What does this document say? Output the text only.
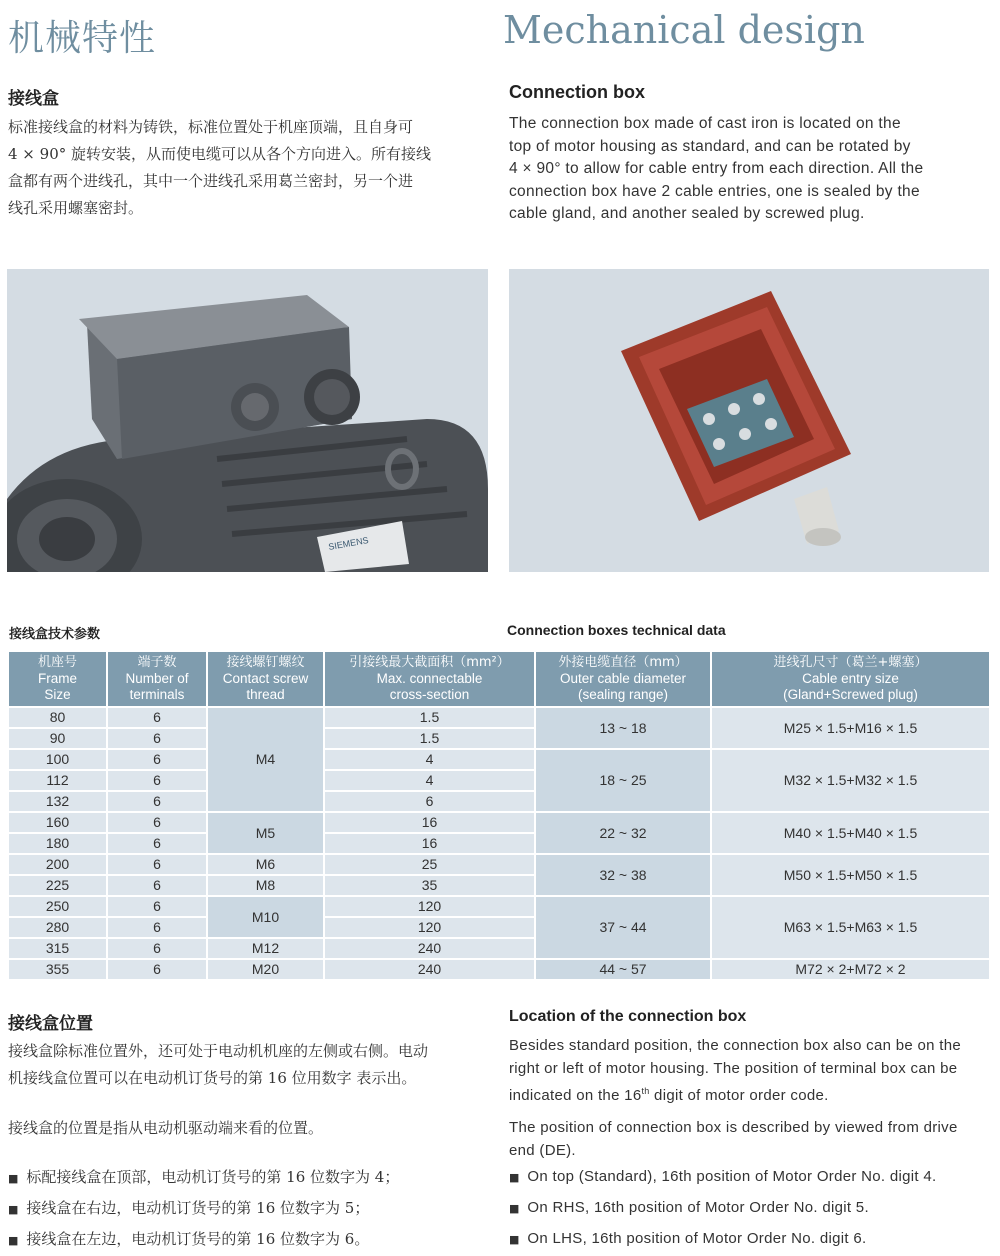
机械特性	Mechanical design
接线盒	Connection box
标准接线盒的材料为铸铁，标准位置处于机座顶端，且自身可
4 × 90° 旋转安装，从而使电缆可以从各个方向进入。所有接线
盒都有两个进线孔，其中一个进线孔采用葛兰密封，另一个进
线孔采用螺塞密封。
The connection box made of cast iron is located on the
top of motor housing as standard, and can be rotated by
4 × 90° to allow for cable entry from each direction. All the
connection box have 2 cable entries, one is sealed by the
cable gland, and another sealed by screwed plug.
SIEMENS
接线盒技术参数	Connection boxes technical data
机座号
Frame
Size	端子数
Number of
terminals	接线螺钉螺纹
Contact screw
thread	引接线最大截面积（mm²）
Max. connectable
cross-section	外接电缆直径（mm）
Outer cable diameter
(sealing range)	进线孔尺寸（葛兰+螺塞）
Cable entry size
(Gland+Screwed plug)
80	6	M4	1.5	13 ~ 18	M25 × 1.5+M16 × 1.5
90	6		1.5		
100	6		4	18 ~ 25	M32 × 1.5+M32 × 1.5
112	6		4		
132	6		6		
160	6	M5	16	22 ~ 32	M40 × 1.5+M40 × 1.5
180	6		16		
200	6	M6	25	32 ~ 38	M50 × 1.5+M50 × 1.5
225	6	M8	35		
250	6	M10	120	37 ~ 44	M63 × 1.5+M63 × 1.5
280	6		120		
315	6	M12	240		
355	6	M20	240	44 ~ 57	M72 × 2+M72 × 2
接线盒位置	Location of the connection box
接线盒除标准位置外，还可处于电动机机座的左侧或右侧。电动
机接线盒位置可以在电动机订货号的第 16 位用数字 表示出。
Besides standard position, the connection box also can be on the
right or left of motor housing. The position of terminal box can be
indicated on the 16th digit of motor order code.
接线盒的位置是指从电动机驱动端来看的位置。	The position of connection box is described by viewed from drive
end (DE).
■ 标配接线盒在顶部，电动机订货号的第 16 位数字为 4；
■ 接线盒在右边，电动机订货号的第 16 位数字为 5；
■ 接线盒在左边，电动机订货号的第 16 位数字为 6。
■ On top (Standard), 16th position of Motor Order No. digit 4.
■ On RHS, 16th position of Motor Order No. digit 5.
■ On LHS, 16th position of Motor Order No. digit 6.
